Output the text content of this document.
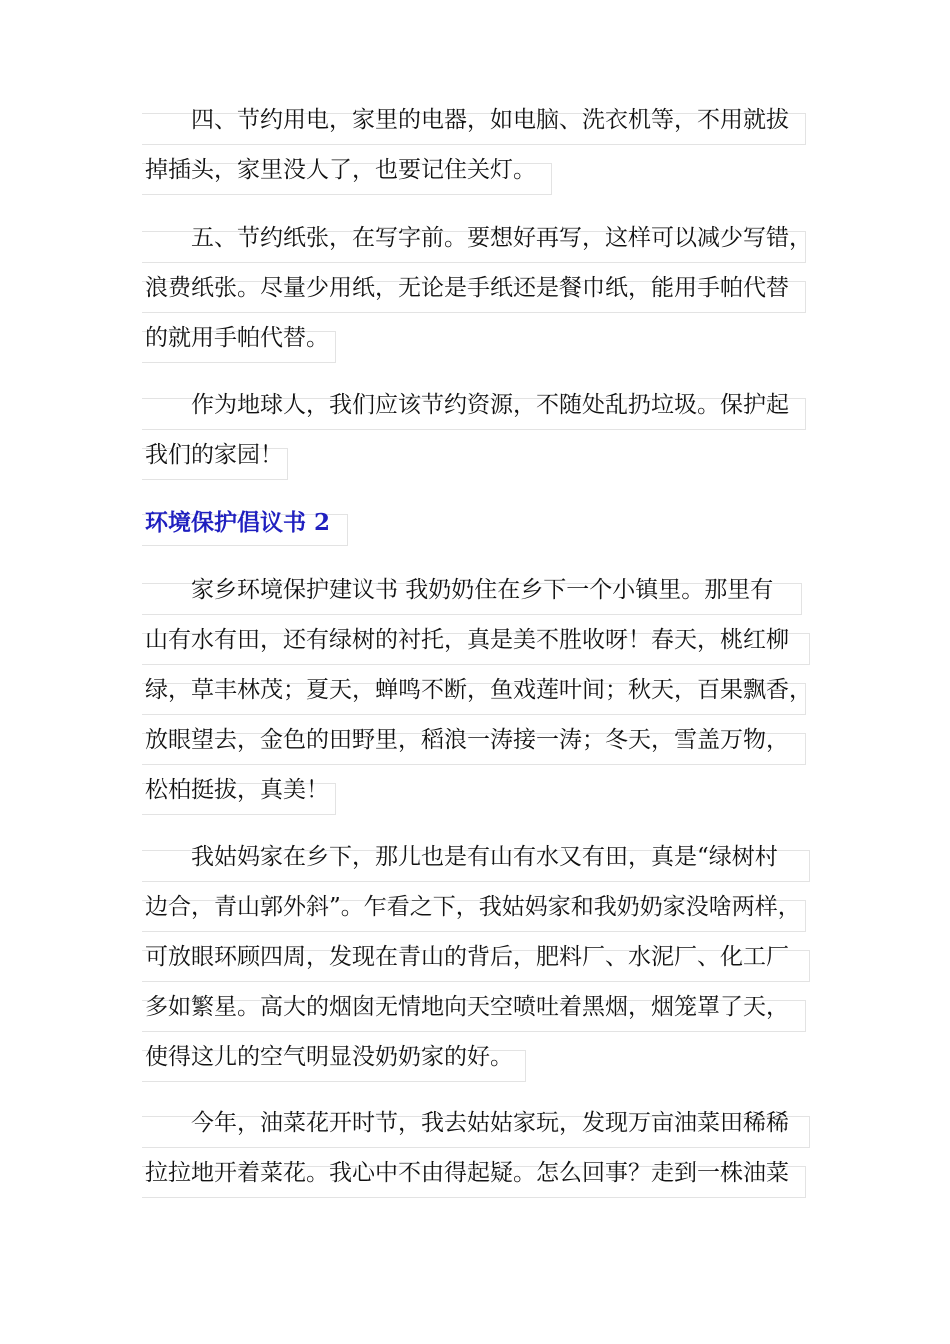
四、节约用电，家里的电器，如电脑、洗衣机等，不用就拔
掉插头，家里没人了，也要记住关灯。
五、节约纸张，在写字前。要想好再写，这样可以减少写错，
浪费纸张。尽量少用纸，无论是手纸还是餐巾纸，能用手帕代替
的就用手帕代替。
作为地球人，我们应该节约资源，不随处乱扔垃圾。保护起
我们的家园！
环境保护倡议书 2
家乡环境保护建议书 我奶奶住在乡下一个小镇里。那里有
山有水有田，还有绿树的衬托，真是美不胜收呀！春天，桃红柳
绿，草丰林茂；夏天，蝉鸣不断，鱼戏莲叶间；秋天，百果飘香，
放眼望去，金色的田野里，稻浪一涛接一涛；冬天，雪盖万物，
松柏挺拔，真美！
我姑妈家在乡下，那儿也是有山有水又有田，真是“绿树村
边合，青山郭外斜”。乍看之下，我姑妈家和我奶奶家没啥两样，
可放眼环顾四周，发现在青山的背后，肥料厂、水泥厂、化工厂
多如繁星。高大的烟囱无情地向天空喷吐着黑烟，烟笼罩了天，
使得这儿的空气明显没奶奶家的好。
今年，油菜花开时节，我去姑姑家玩，发现万亩油菜田稀稀
拉拉地开着菜花。我心中不由得起疑。怎么回事？走到一株油菜
